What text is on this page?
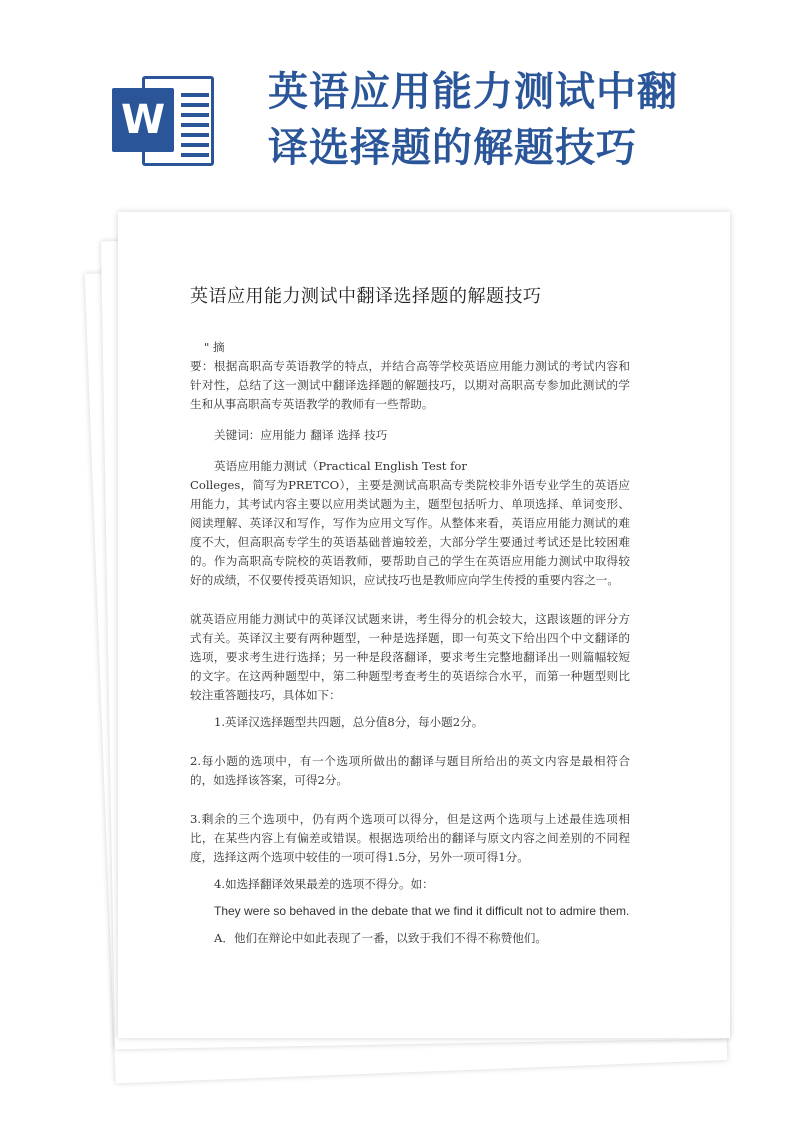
W
英语应用能力测试中翻
译选择题的解题技巧
英语应用能力测试中翻译选择题的解题技巧
" 摘
要：根据高职高专英语教学的特点，并结合高等学校英语应用能力测试的考试内容和针对性，总结了这一测试中翻译选择题的解题技巧，以期对高职高专参加此测试的学生和从事高职高专英语教学的教师有一些帮助。
关键词：应用能力 翻译 选择 技巧
英语应用能力测试（Practical English Test for
Colleges，简写为PRETCO），主要是测试高职高专类院校非外语专业学生的英语应用能力，其考试内容主要以应用类试题为主，题型包括听力、单项选择、单词变形、阅读理解、英译汉和写作，写作为应用文写作。从整体来看，英语应用能力测试的难度不大，但高职高专学生的英语基础普遍较差，大部分学生要通过考试还是比较困难的。作为高职高专院校的英语教师，要帮助自己的学生在英语应用能力测试中取得较好的成绩，不仅要传授英语知识，应试技巧也是教师应向学生传授的重要内容之一。
就英语应用能力测试中的英译汉试题来讲，考生得分的机会较大，这跟该题的评分方式有关。英译汉主要有两种题型，一种是选择题，即一句英文下给出四个中文翻译的选项，要求考生进行选择；另一种是段落翻译，要求考生完整地翻译出一则篇幅较短的文字。在这两种题型中，第二种题型考查考生的英语综合水平，而第一种题型则比较注重答题技巧，具体如下：
1.英译汉选择题型共四题，总分值8分，每小题2分。
2.每小题的选项中，有一个选项所做出的翻译与题目所给出的英文内容是最相符合的，如选择该答案，可得2分。
3.剩余的三个选项中，仍有两个选项可以得分，但是这两个选项与上述最佳选项相比，在某些内容上有偏差或错误。根据选项给出的翻译与原文内容之间差别的不同程度，选择这两个选项中较佳的一项可得1.5分，另外一项可得1分。
4.如选择翻译效果最差的选项不得分。如：
They were so behaved in the debate that we find it difficult not to admire them.
A．他们在辩论中如此表现了一番，以致于我们不得不称赞他们。
